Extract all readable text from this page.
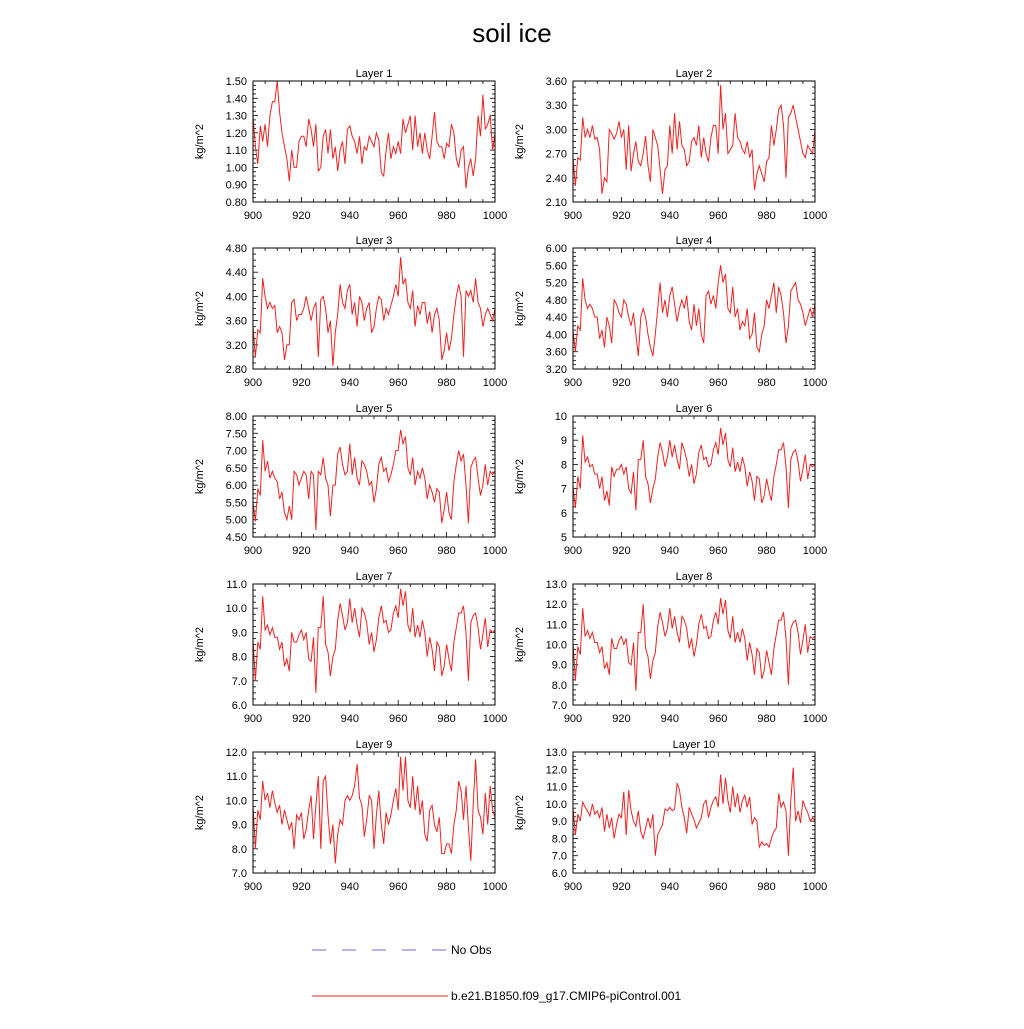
soil ice
Layer 1
kg/m^2
900	920	940	960	980 1000
0.80
0.90
1.00
1.10
1.20
1.30
1.40
1.50
Layer 2
kg/m^2
900	920	940	960	980 1000
2.10
2.40
2.70
3.00
3.30
3.60
Layer 3
kg/m^2
900	920	940	960	980 1000
2.80
3.20
3.60
4.00
4.40
4.80
Layer 4
kg/m^2
900	920	940	960	980 1000
3.20
3.60
4.00
4.40
4.80
5.20
5.60
6.00
Layer 5
kg/m^2
900	920	940	960	980 1000
4.50
5.00
5.50
6.00
6.50
7.00
7.50
8.00
Layer 6
kg/m^2
900	920	940	960	980 1000
5
6
7
8
9
10
Layer 7
kg/m^2
900	920	940	960	980 1000
6.0
7.0
8.0
9.0
10.0
11.0
Layer 8
kg/m^2
900	920	940	960	980 1000
7.0
8.0
9.0
10.0
11.0
12.0
13.0
Layer 9
kg/m^2
900	920	940	960	980 1000
7.0
8.0
9.0
10.0
11.0
12.0
Layer 10
kg/m^2
900	920	940	960	980 1000
6.0
7.0
8.0
9.0
10.0
11.0
12.0
13.0
No Obs
b.e21.B1850.f09_g17.CMIP6-piControl.001
